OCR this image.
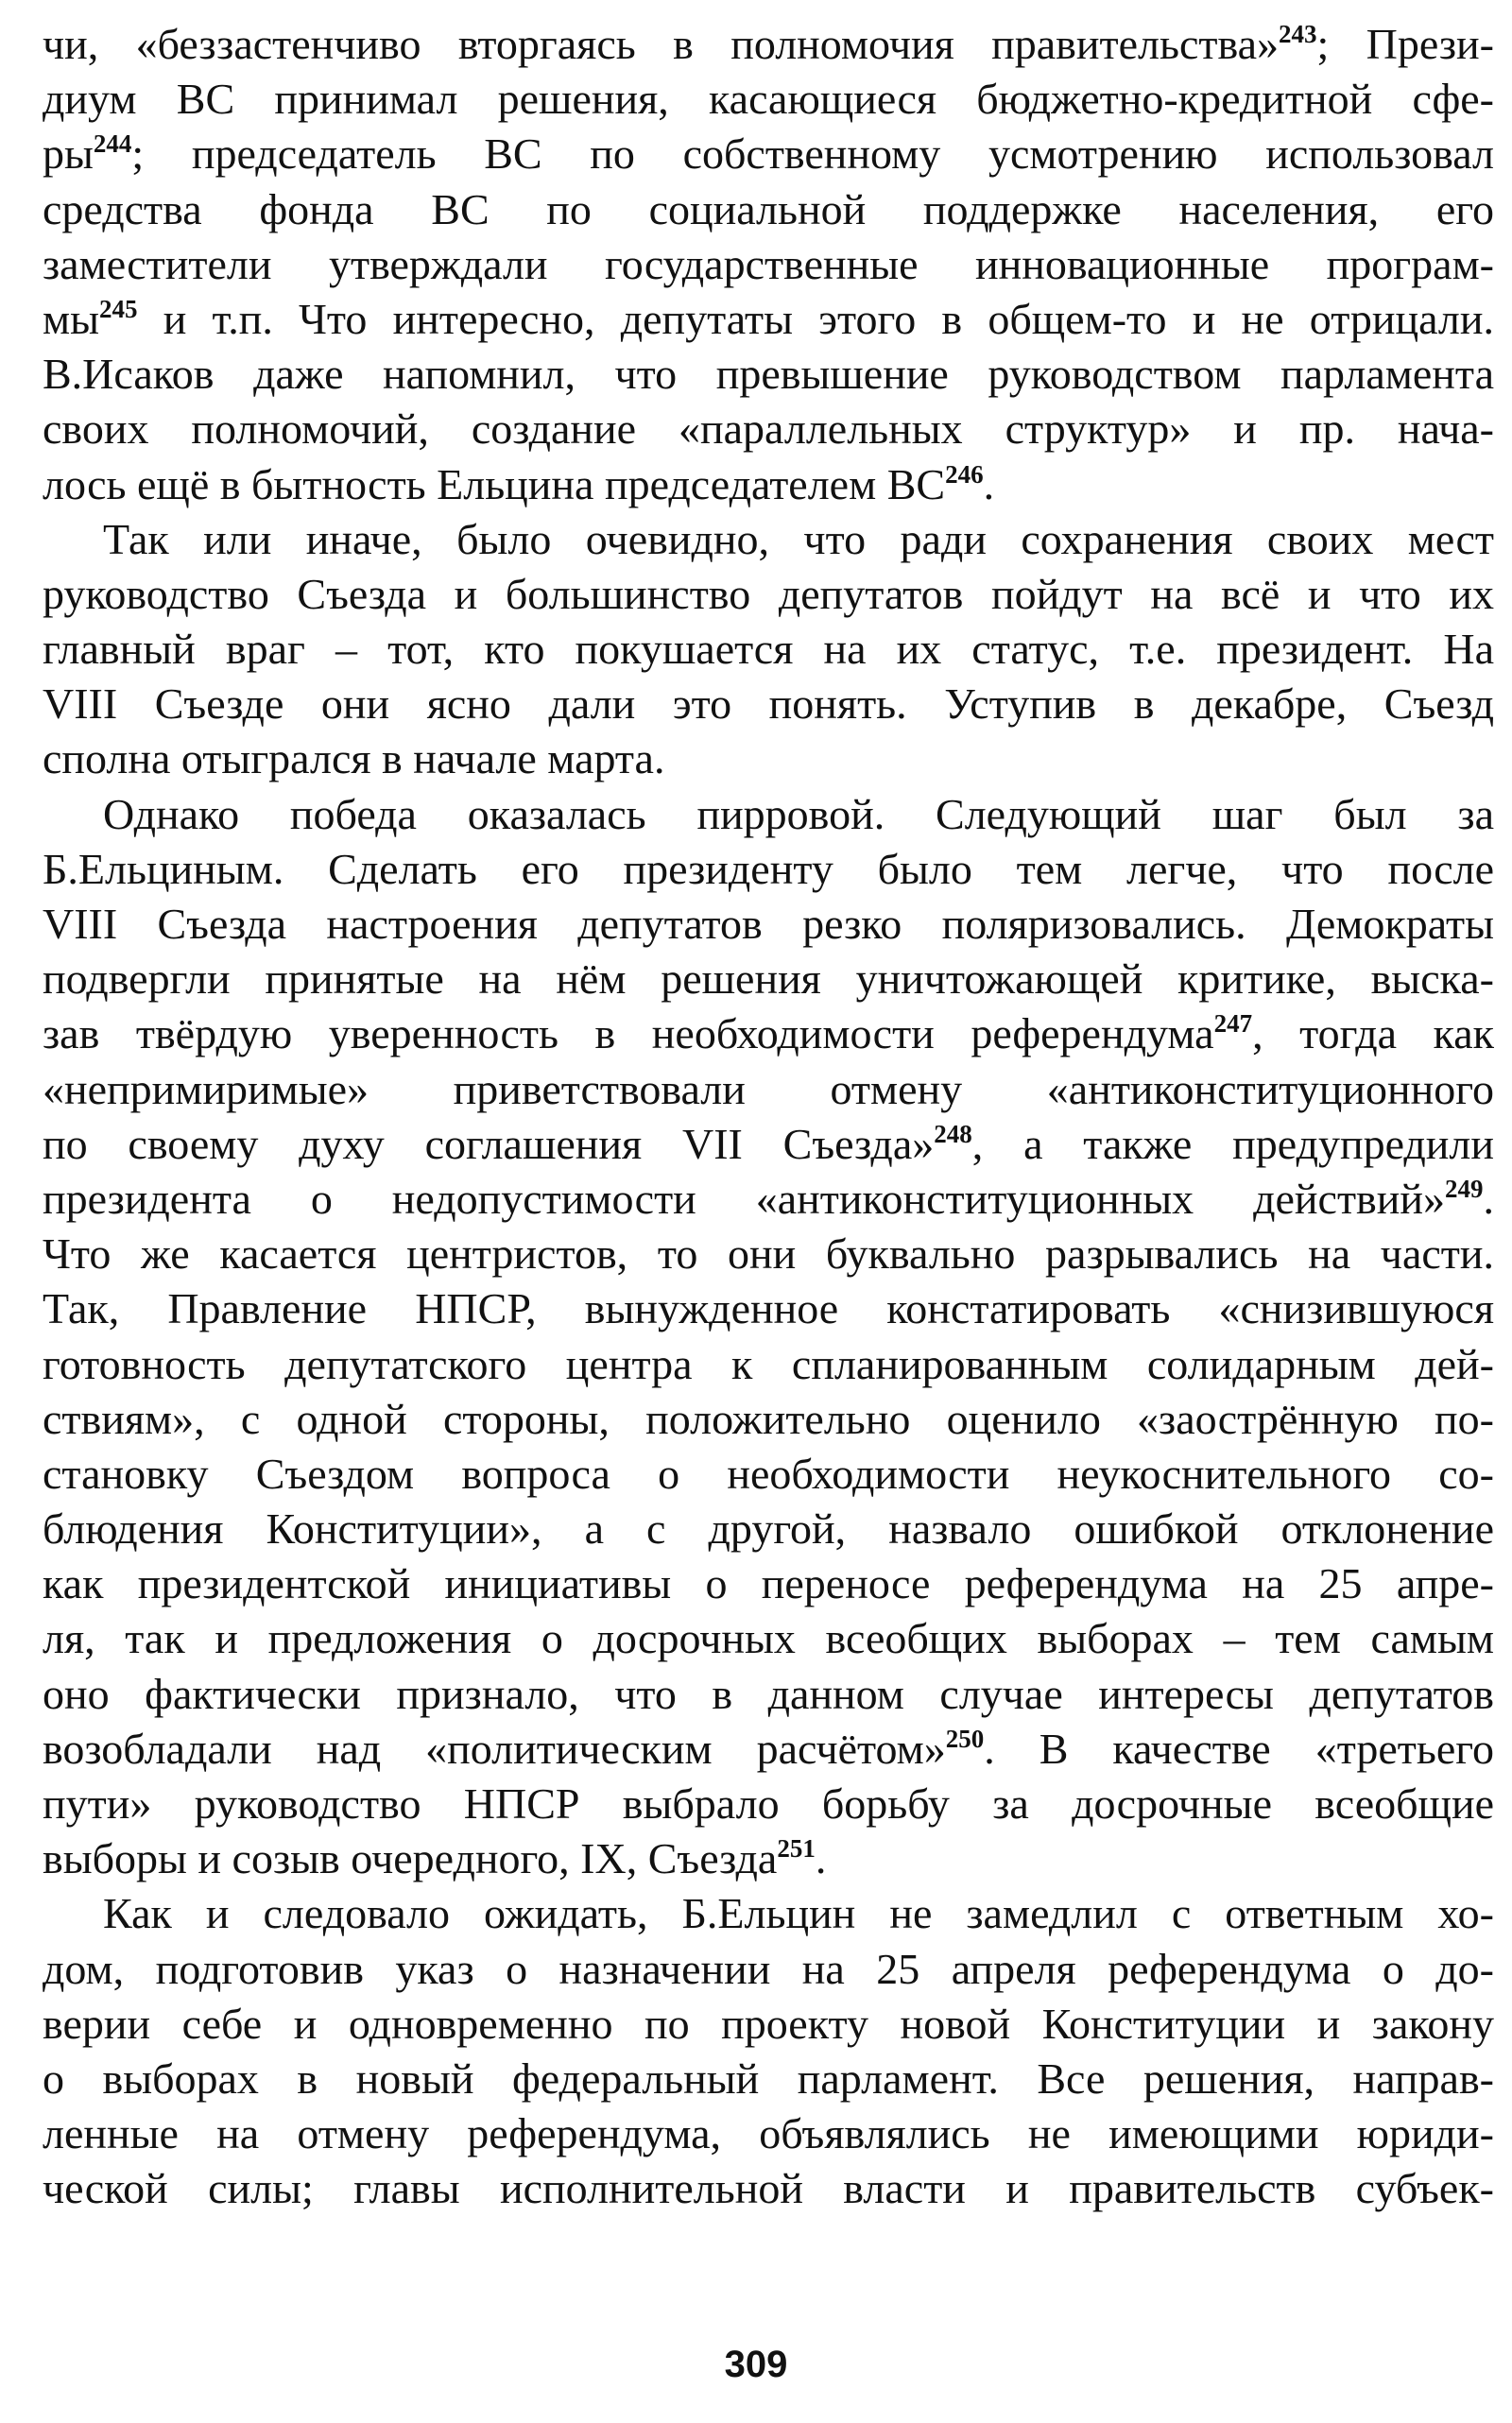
чи, «беззастенчиво вторгаясь в полномочия правительства»$^{243}$; Прези-
диум ВС принимал решения, касающиеся бюджетно-кредитной сфе-
ры$^{244}$; председатель ВС по собственному усмотрению использовал
средства фонда ВС по социальной поддержке населения, его
заместители утверждали государственные инновационные програм-
мы$^{245}$ и т.п. Что интересно, депутаты этого в общем-то и не отрицали.
В.Исаков даже напомнил, что превышение руководством парламента
своих полномочий, создание «параллельных структур» и пр. нача-
лось ещё в бытность Ельцина председателем ВС$^{246}$.
Так или иначе, было очевидно, что ради сохранения своих мест
руководство Съезда и большинство депутатов пойдут на всё и что их
главный враг – тот, кто покушается на их статус, т.е. президент. На
VIII Съезде они ясно дали это понять. Уступив в декабре, Съезд
сполна отыгрался в начале марта.
Однако победа оказалась пирровой. Следующий шаг был за
Б.Ельциным. Сделать его президенту было тем легче, что после
VIII Съезда настроения депутатов резко поляризовались. Демократы
подвергли принятые на нём решения уничтожающей критике, выска-
зав твёрдую уверенность в необходимости референдума$^{247}$, тогда как
«непримиримые» приветствовали отмену «антиконституционного
по своему духу соглашения VII Съезда»$^{248}$, а также предупредили
президента о недопустимости «антиконституционных действий»$^{249}$.
Что же касается центристов, то они буквально разрывались на части.
Так, Правление НПСР, вынужденное констатировать «снизившуюся
готовность депутатского центра к спланированным солидарным дей-
ствиям», с одной стороны, положительно оценило «заострённую по-
становку Съездом вопроса о необходимости неукоснительного со-
блюдения Конституции», а с другой, назвало ошибкой отклонение
как президентской инициативы о переносе референдума на 25 апре-
ля, так и предложения о досрочных всеобщих выборах – тем самым
оно фактически признало, что в данном случае интересы депутатов
возобладали над «политическим расчётом»$^{250}$. В качестве «третьего
пути» руководство НПСР выбрало борьбу за досрочные всеобщие
выборы и созыв очередного, IX, Съезда$^{251}$.
Как и следовало ожидать, Б.Ельцин не замедлил с ответным хо-
дом, подготовив указ о назначении на 25 апреля референдума о до-
верии себе и одновременно по проекту новой Конституции и закону
о выборах в новый федеральный парламент. Все решения, направ-
ленные на отмену референдума, объявлялись не имеющими юриди-
ческой силы; главы исполнительной власти и правительств субъек-
309
